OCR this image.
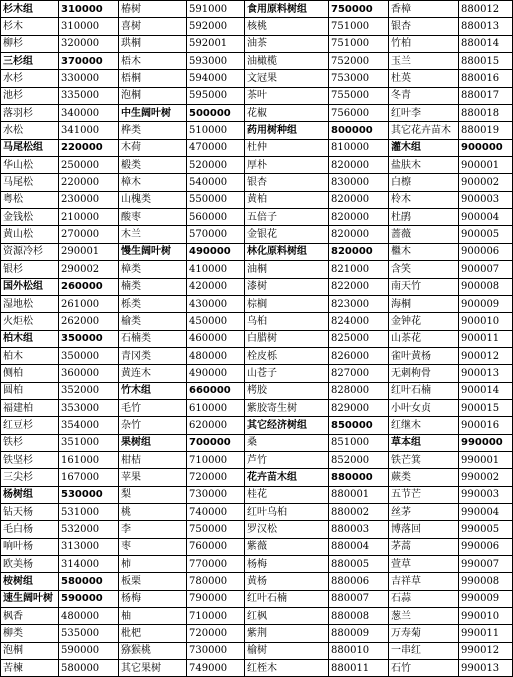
杉木组	310000	椿树	591000	食用原料树组	750000	香樟	880012
杉木	310000	喜树	592000	核桃	751000	银杏	880013
柳杉	320000	珙桐	592001	油茶	751000	竹柏	880014
三杉组	370000	梧木	593000	油橄榄	752000	玉兰	880015
水杉	330000	梧桐	594000	文冠果	753000	杜英	880016
池杉	335000	泡桐	595000	茶叶	755000	冬青	880017
落羽杉	340000	中生阔叶树	500000	花椒	756000	红叶李	880018
水松	341000	桦类	510000	药用树种组	800000	其它花卉苗木	880019
马尾松组	220000	木荷	470000	杜仲	810000	灌木组	900000
华山松	250000	椴类	520000	厚朴	820000	盐肤木	900001
马尾松	220000	樟木	540000	银杏	830000	白檫	900002
粤松	230000	山槐类	550000	黄柏	820000	柃木	900003
金钱松	210000	酸枣	560000	五倍子	820000	杜鹃	900004
黄山松	270000	木兰	570000	金银花	820000	蔷薇	900005
资源冷杉	290001	慢生阔叶树	490000	林化原料树组	820000	檵木	900006
银杉	290002	樟类	410000	油桐	821000	含笑	900007
国外松组	260000	楠类	420000	漆树	822000	南天竹	900008
湿地松	261000	栎类	430000	棕榈	823000	海桐	900009
火炬松	262000	榆类	450000	乌桕	824000	金钟花	900010
柏木组	350000	石楠类	460000	白腊树	825000	山茶花	900011
柏木	350000	青冈类	480000	栓皮栎	826000	雀叶黄杨	900012
侧柏	360000	黄连木	490000	山苍子	827000	无刺枸骨	900013
圆柏	352000	竹木组	660000	栲胶	828000	红叶石楠	900014
福建柏	353000	毛竹	610000	紫胶寄生树	829000	小叶女贞	900015
红豆杉	354000	杂竹	620000	其它经济树组	850000	红继木	900016
铁杉	351000	果树组	700000	桑	851000	草本组	990000
铁坚杉	161000	柑桔	710000	芦竹	852000	铁芒箕	990001
三尖杉	167000	苹果	720000	花卉苗木组	880000	蕨类	990002
杨树组	530000	梨	730000	桂花	880001	五节芒	990003
钻天杨	531000	桃	740000	红叶乌桕	880002	丝茅	990004
毛白杨	532000	李	750000	罗汉松	880003	博落回	990005
响叶杨	313000	枣	760000	紫薇	880004	茅蒿	990006
欧美杨	314000	柿	770000	杨梅	880005	萱草	990007
桉树组	580000	板栗	780000	黄杨	880006	吉祥草	990008
速生阔叶树	590000	杨梅	790000	红叶石楠	880007	石蒜	990009
枫香	480000	柚	710000	红枫	880008	葱兰	990010
柳类	535000	枇杷	720000	紫荆	880009	万寿菊	990011
泡桐	590000	猕猴桃	730000	榆树	880010	一串红	990012
苦楝	580000	其它果树	749000	红桎木	880011	石竹	990013
